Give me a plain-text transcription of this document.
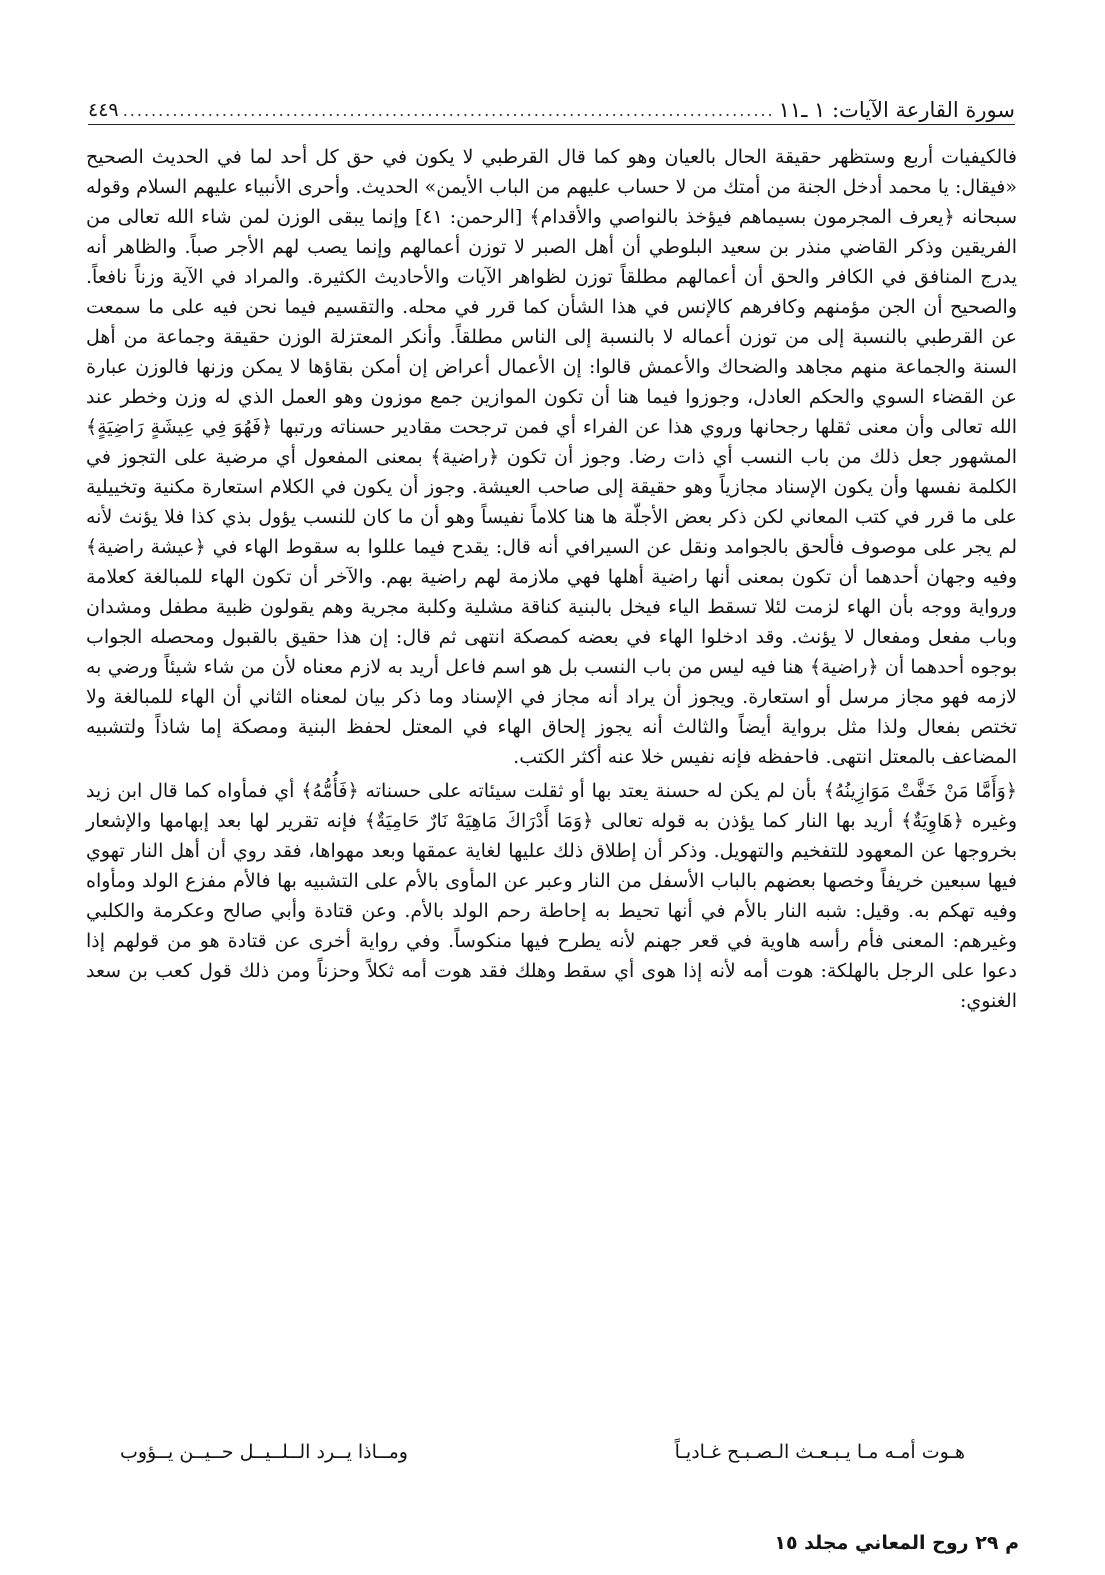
سورة القارعة الآيات: ١ ـ١١
.....
٤٤٩

فالكيفيات أربع وستظهر حقيقة الحال بالعيان وهو كما قال القرطبي لا يكون في حق كل أحد لما في الحديث الصحيح «فيقال: يا محمد أدخل الجنة من أمتك من لا حساب عليهم من الباب الأيمن» الحديث. وأحرى الأنبياء عليهم السلام وقوله سبحانه ﴿يعرف المجرمون بسيماهم فيؤخذ بالنواصي والأقدام﴾ [الرحمن: ٤١] وإنما يبقى الوزن لمن شاء الله تعالى من الفريقين وذكر القاضي منذر بن سعيد البلوطي أن أهل الصبر لا توزن أعمالهم وإنما يصب لهم الأجر صباً. والظاهر أنه يدرج المنافق في الكافر والحق أن أعمالهم مطلقاً توزن لظواهر الآيات والأحاديث الكثيرة. والمراد في الآية وزناً نافعاً. والصحيح أن الجن مؤمنهم وكافرهم كالإنس في هذا الشأن كما قرر في محله. والتقسيم فيما نحن فيه على ما سمعت عن القرطبي بالنسبة إلى من توزن أعماله لا بالنسبة إلى الناس مطلقاً. وأنكر المعتزلة الوزن حقيقة وجماعة من أهل السنة والجماعة منهم مجاهد والضحاك والأعمش قالوا: إن الأعمال أعراض إن أمكن بقاؤها لا يمكن وزنها فالوزن عبارة عن القضاء السوي والحكم العادل، وجوزوا فيما هنا أن تكون الموازين جمع موزون وهو العمل الذي له وزن وخطر عند الله تعالى وأن معنى ثقلها رجحانها وروي هذا عن الفراء أي فمن ترجحت مقادير حسناته ورتبها ﴿فَهُوَ فِي عِيشَةٍ رَاضِيَةٍ﴾ المشهور جعل ذلك من باب النسب أي ذات رضا. وجوز أن تكون ﴿راضية﴾ بمعنى المفعول أي مرضية على التجوز في الكلمة نفسها وأن يكون الإسناد مجازياً وهو حقيقة إلى صاحب العيشة. وجوز أن يكون في الكلام استعارة مكنية وتخييلية على ما قرر في كتب المعاني لكن ذكر بعض الأجلّة ها هنا كلاماً نفيساً وهو أن ما كان للنسب يؤول بذي كذا فلا يؤنث لأنه لم يجر على موصوف فألحق بالجوامد ونقل عن السيرافي أنه قال: يقدح فيما عللوا به سقوط الهاء في ﴿عيشة راضية﴾ وفيه وجهان أحدهما أن تكون بمعنى أنها راضية أهلها فهي ملازمة لهم راضية بهم. والآخر أن تكون الهاء للمبالغة كعلامة ورواية ووجه بأن الهاء لزمت لئلا تسقط الياء فيخل بالبنية كناقة مشلية وكلبة مجرية وهم يقولون ظبية مطفل ومشدان وباب مفعل ومفعال لا يؤنث. وقد ادخلوا الهاء في بعضه كمصكة انتهى ثم قال: إن هذا حقيق بالقبول ومحصله الجواب بوجوه أحدهما أن ﴿راضية﴾ هنا فيه ليس من باب النسب بل هو اسم فاعل أريد به لازم معناه لأن من شاء شيئاً ورضي به لازمه فهو مجاز مرسل أو استعارة. ويجوز أن يراد أنه مجاز في الإسناد وما ذكر بيان لمعناه الثاني أن الهاء للمبالغة ولا تختص بفعال ولذا مثل برواية أيضاً والثالث أنه يجوز إلحاق الهاء في المعتل لحفظ البنية ومصكة إما شاذاً ولتشبيه المضاعف بالمعتل انتهى. فاحفظه فإنه نفيس خلا عنه أكثر الكتب.

﴿وَأَمَّا مَنْ خَفَّتْ مَوَازِينُهُ﴾ بأن لم يكن له حسنة يعتد بها أو ثقلت سيئاته على حسناته ﴿فَأُمُّهُ﴾ أي فمأواه كما قال ابن زيد وغيره ﴿هَاوِيَةٌ﴾ أريد بها النار كما يؤذن به قوله تعالى ﴿وَمَا أَدْرَاكَ مَاهِيَهْ نَارٌ حَامِيَةٌ﴾ فإنه تقرير لها بعد إبهامها والإشعار بخروجها عن المعهود للتفخيم والتهويل. وذكر أن إطلاق ذلك عليها لغاية عمقها وبعد مهواها، فقد روي أن أهل النار تهوي فيها سبعين خريفاً وخصها بعضهم بالباب الأسفل من النار وعبر عن المأوى بالأم على التشبيه بها فالأم مفزع الولد ومأواه وفيه تهكم به. وقيل: شبه النار بالأم في أنها تحيط به إحاطة رحم الولد بالأم. وعن قتادة وأبي صالح وعكرمة والكلبي وغيرهم: المعنى فأم رأسه هاوية في قعر جهنم لأنه يطرح فيها منكوساً. وفي رواية أخرى عن قتادة هو من قولهم إذا دعوا على الرجل بالهلكة: هوت أمه لأنه إذا هوى أي سقط وهلك فقد هوت أمه ثكلاً وحزناً ومن ذلك قول كعب بن سعد الغنوي:

هـوت أمـه مـا يـبـعـث الـصـبـح غـاديـاً
ومــاذا يــرد الــلــيــل حــيــن يــؤوب
م ٢٩ روح المعاني مجلد ١٥
